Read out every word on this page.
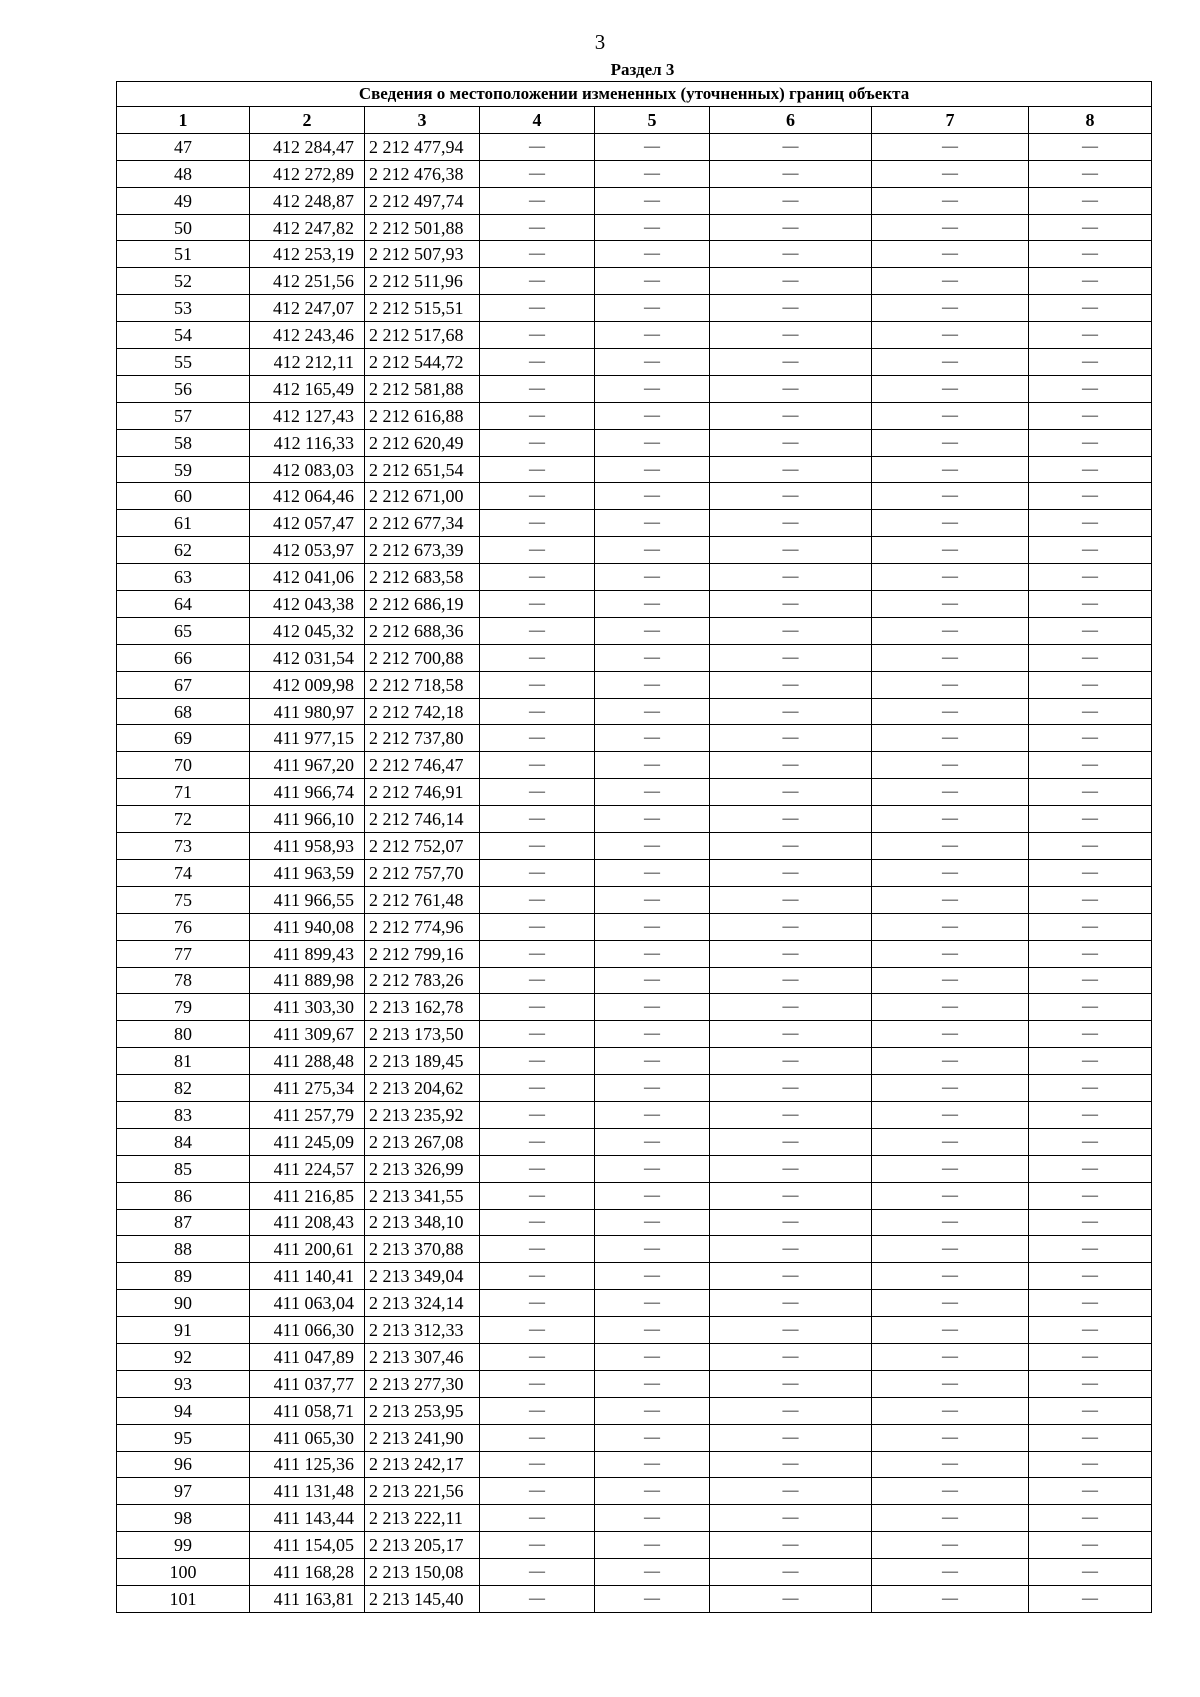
3
Раздел 3
Сведения о местоположении измененных (уточненных) границ объекта							
1	2	3	4	5	6	7	8
47	412 284,47	2 212 477,94	—	—	—	—	—
48	412 272,89	2 212 476,38	—	—	—	—	—
49	412 248,87	2 212 497,74	—	—	—	—	—
50	412 247,82	2 212 501,88	—	—	—	—	—
51	412 253,19	2 212 507,93	—	—	—	—	—
52	412 251,56	2 212 511,96	—	—	—	—	—
53	412 247,07	2 212 515,51	—	—	—	—	—
54	412 243,46	2 212 517,68	—	—	—	—	—
55	412 212,11	2 212 544,72	—	—	—	—	—
56	412 165,49	2 212 581,88	—	—	—	—	—
57	412 127,43	2 212 616,88	—	—	—	—	—
58	412 116,33	2 212 620,49	—	—	—	—	—
59	412 083,03	2 212 651,54	—	—	—	—	—
60	412 064,46	2 212 671,00	—	—	—	—	—
61	412 057,47	2 212 677,34	—	—	—	—	—
62	412 053,97	2 212 673,39	—	—	—	—	—
63	412 041,06	2 212 683,58	—	—	—	—	—
64	412 043,38	2 212 686,19	—	—	—	—	—
65	412 045,32	2 212 688,36	—	—	—	—	—
66	412 031,54	2 212 700,88	—	—	—	—	—
67	412 009,98	2 212 718,58	—	—	—	—	—
68	411 980,97	2 212 742,18	—	—	—	—	—
69	411 977,15	2 212 737,80	—	—	—	—	—
70	411 967,20	2 212 746,47	—	—	—	—	—
71	411 966,74	2 212 746,91	—	—	—	—	—
72	411 966,10	2 212 746,14	—	—	—	—	—
73	411 958,93	2 212 752,07	—	—	—	—	—
74	411 963,59	2 212 757,70	—	—	—	—	—
75	411 966,55	2 212 761,48	—	—	—	—	—
76	411 940,08	2 212 774,96	—	—	—	—	—
77	411 899,43	2 212 799,16	—	—	—	—	—
78	411 889,98	2 212 783,26	—	—	—	—	—
79	411 303,30	2 213 162,78	—	—	—	—	—
80	411 309,67	2 213 173,50	—	—	—	—	—
81	411 288,48	2 213 189,45	—	—	—	—	—
82	411 275,34	2 213 204,62	—	—	—	—	—
83	411 257,79	2 213 235,92	—	—	—	—	—
84	411 245,09	2 213 267,08	—	—	—	—	—
85	411 224,57	2 213 326,99	—	—	—	—	—
86	411 216,85	2 213 341,55	—	—	—	—	—
87	411 208,43	2 213 348,10	—	—	—	—	—
88	411 200,61	2 213 370,88	—	—	—	—	—
89	411 140,41	2 213 349,04	—	—	—	—	—
90	411 063,04	2 213 324,14	—	—	—	—	—
91	411 066,30	2 213 312,33	—	—	—	—	—
92	411 047,89	2 213 307,46	—	—	—	—	—
93	411 037,77	2 213 277,30	—	—	—	—	—
94	411 058,71	2 213 253,95	—	—	—	—	—
95	411 065,30	2 213 241,90	—	—	—	—	—
96	411 125,36	2 213 242,17	—	—	—	—	—
97	411 131,48	2 213 221,56	—	—	—	—	—
98	411 143,44	2 213 222,11	—	—	—	—	—
99	411 154,05	2 213 205,17	—	—	—	—	—
100	411 168,28	2 213 150,08	—	—	—	—	—
101	411 163,81	2 213 145,40	—	—	—	—	—
